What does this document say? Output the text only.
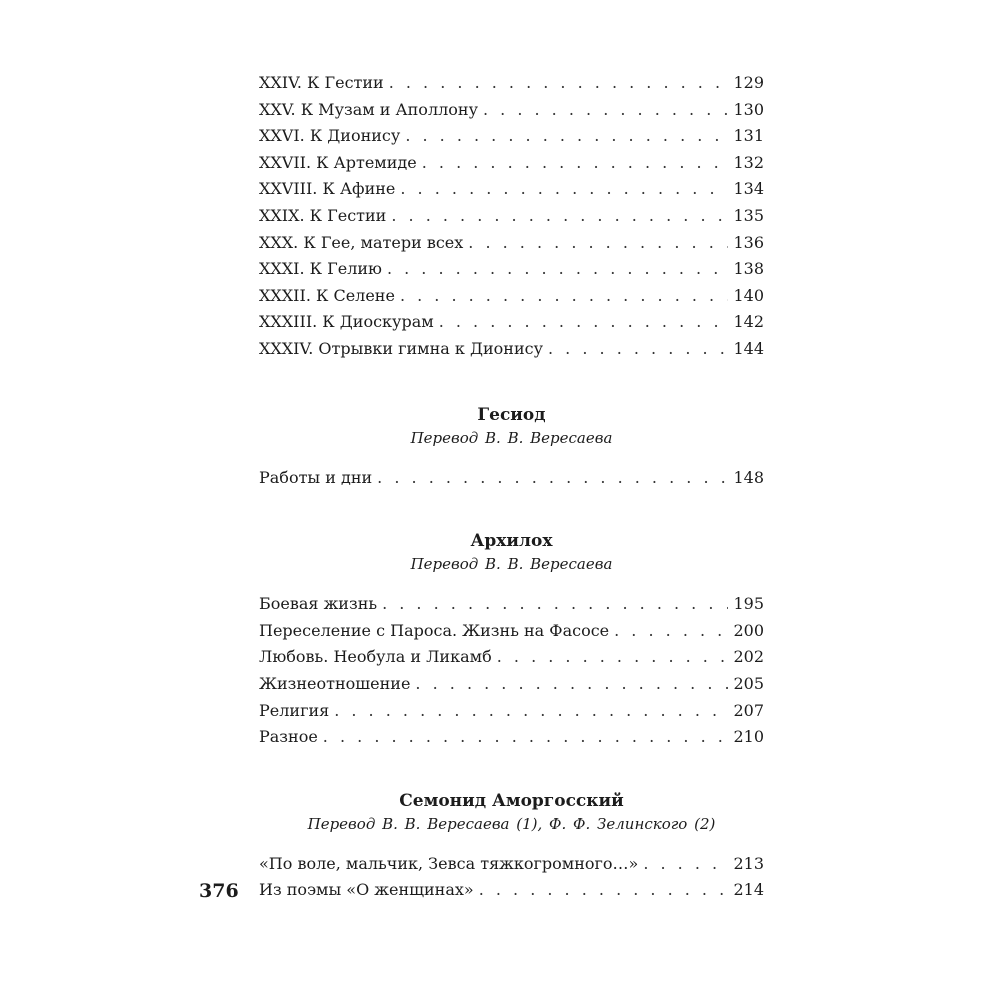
XXIV. К Гестии . . .	129
XXV. К Музам и Аполлону . . .	130
XXVI. К Дионису . . .	131
XXVII. К Артемиде . . .	132
XXVIII. К Афине . . .	134
XXIX. К Гестии . . .	135
XXX. К Гее, матери всех . . .	136
XXXI. К Гелию . . .	138
XXXII. К Селене . . .	140
XXXIII. К Диоскурам . . .	142
XXXIV. Отрывки гимна к Дионису . . .	144
Гесиод
Перевод В. В. Вересаева
Работы и дни . . .	148
Архилох
Перевод В. В. Вересаева
Боевая жизнь . . .	195
Переселение с Пароса. Жизнь на Фасосе . . .	200
Любовь. Необула и Ликамб . . .	202
Жизнеотношение . . .	205
Религия . . .	207
Разное . . .	210
Семонид Аморгосский
Перевод В. В. Вересаева (1), Ф. Ф. Зелинского (2)
«По воле, мальчик, Зевса тяжкогромного…» . . .	213
Из поэмы «О женщинах» . . .	214
376
